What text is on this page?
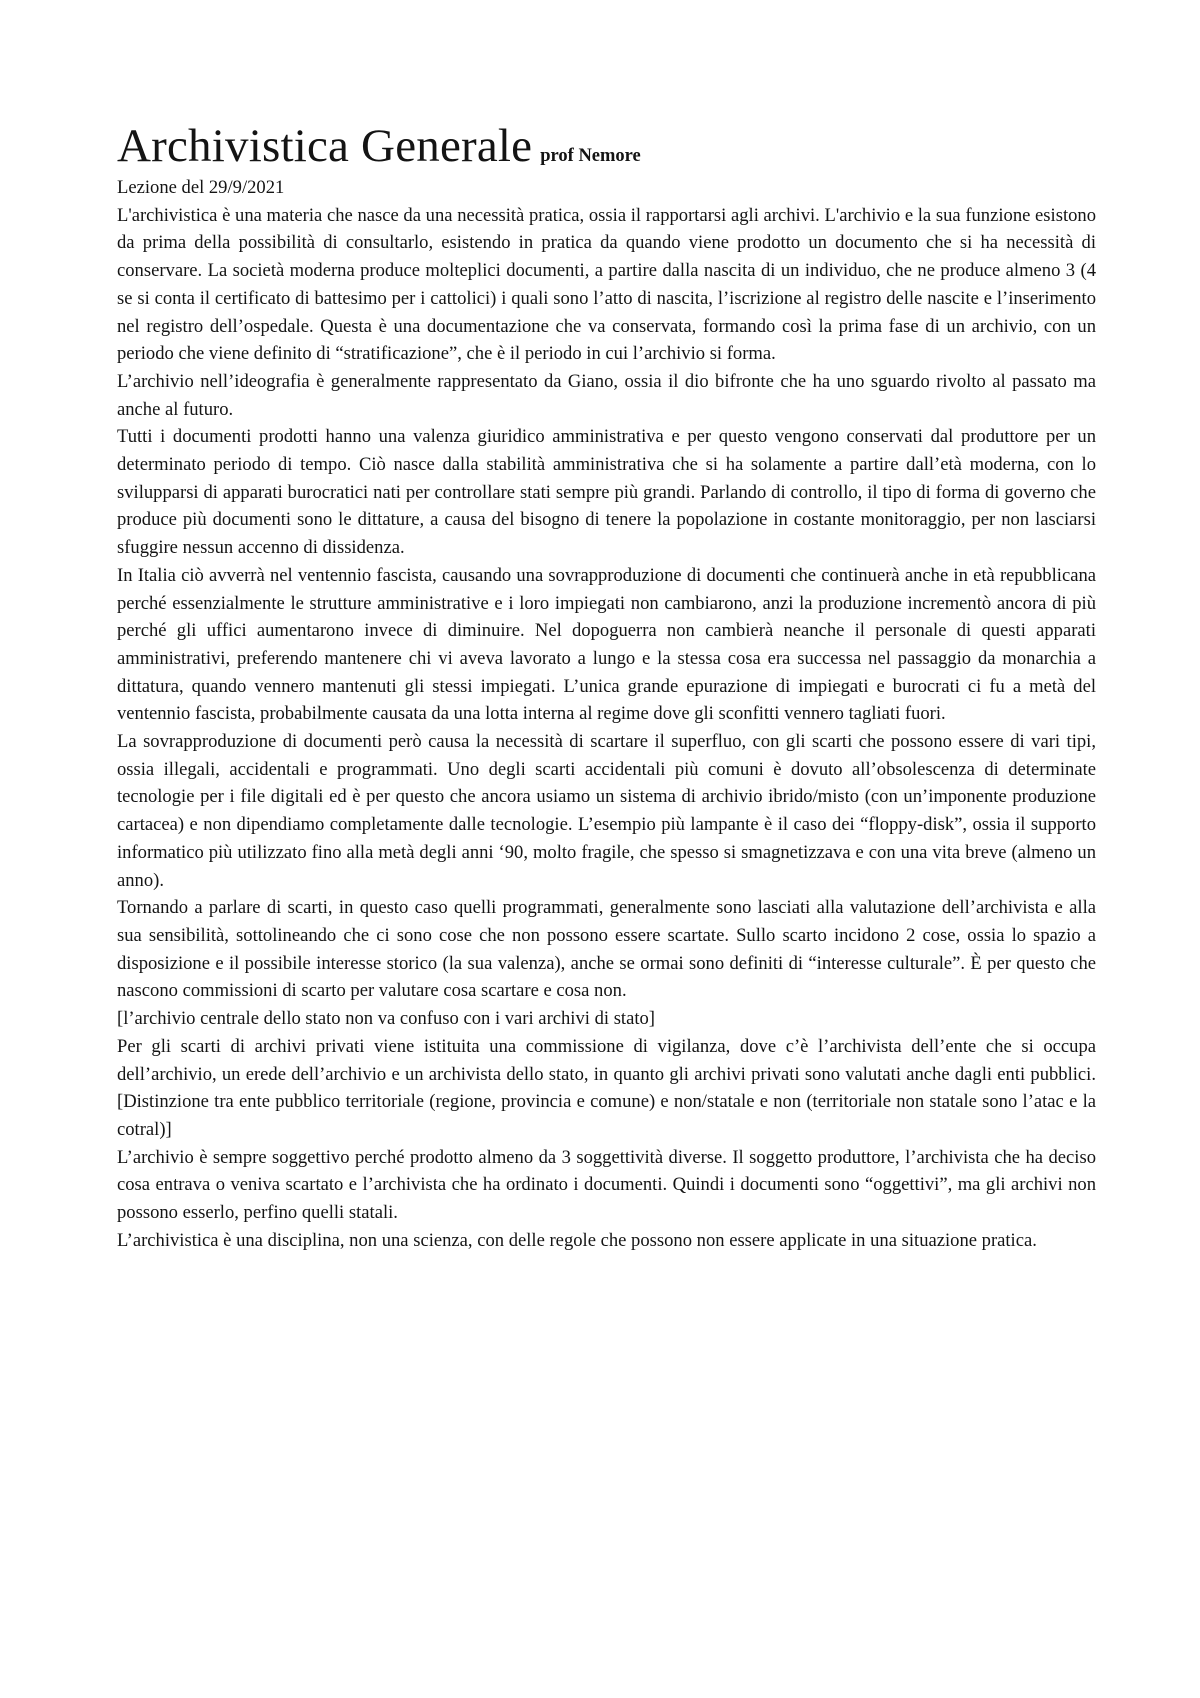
Archivistica Generale prof Nemore

Lezione del 29/9/2021

L'archivistica è una materia che nasce da una necessità pratica, ossia il rapportarsi agli archivi. L'archivio e la sua funzione esistono da prima della possibilità di consultarlo, esistendo in pratica da quando viene prodotto un documento che si ha necessità di conservare. La società moderna produce molteplici documenti, a partire dalla nascita di un individuo, che ne produce almeno 3 (4 se si conta il certificato di battesimo per i cattolici) i quali sono l’atto di nascita, l’iscrizione al registro delle nascite e l’inserimento nel registro dell’ospedale. Questa è una documentazione che va conservata, formando così la prima fase di un archivio, con un periodo che viene definito di “stratificazione”, che è il periodo in cui l’archivio si forma.

L’archivio nell’ideografia è generalmente rappresentato da Giano, ossia il dio bifronte che ha uno sguardo rivolto al passato ma anche al futuro.

Tutti i documenti prodotti hanno una valenza giuridico amministrativa e per questo vengono conservati dal produttore per un determinato periodo di tempo. Ciò nasce dalla stabilità amministrativa che si ha solamente a partire dall’età moderna, con lo svilupparsi di apparati burocratici nati per controllare stati sempre più grandi. Parlando di controllo, il tipo di forma di governo che produce più documenti sono le dittature, a causa del bisogno di tenere la popolazione in costante monitoraggio, per non lasciarsi sfuggire nessun accenno di dissidenza.

In Italia ciò avverrà nel ventennio fascista, causando una sovrapproduzione di documenti che continuerà anche in età repubblicana perché essenzialmente le strutture amministrative e i loro impiegati non cambiarono, anzi la produzione incrementò ancora di più perché gli uffici aumentarono invece di diminuire. Nel dopoguerra non cambierà neanche il personale di questi apparati amministrativi, preferendo mantenere chi vi aveva lavorato a lungo e la stessa cosa era successa nel passaggio da monarchia a dittatura, quando vennero mantenuti gli stessi impiegati. L’unica grande epurazione di impiegati e burocrati ci fu a metà del ventennio fascista, probabilmente causata da una lotta interna al regime dove gli sconfitti vennero tagliati fuori.

La sovrapproduzione di documenti però causa la necessità di scartare il superfluo, con gli scarti che possono essere di vari tipi, ossia illegali, accidentali e programmati. Uno degli scarti accidentali più comuni è dovuto all’obsolescenza di determinate tecnologie per i file digitali ed è per questo che ancora usiamo un sistema di archivio ibrido/misto (con un’imponente produzione cartacea) e non dipendiamo completamente dalle tecnologie. L’esempio più lampante è il caso dei “floppy-disk”, ossia il supporto informatico più utilizzato fino alla metà degli anni ‘90, molto fragile, che spesso si smagnetizzava e con una vita breve (almeno un anno).

Tornando a parlare di scarti, in questo caso quelli programmati, generalmente sono lasciati alla valutazione dell’archivista e alla sua sensibilità, sottolineando che ci sono cose che non possono essere scartate. Sullo scarto incidono 2 cose, ossia lo spazio a disposizione e il possibile interesse storico (la sua valenza), anche se ormai sono definiti di “interesse culturale”. È per questo che nascono commissioni di scarto per valutare cosa scartare e cosa non.

[l’archivio centrale dello stato non va confuso con i vari archivi di stato]

Per gli scarti di archivi privati viene istituita una commissione di vigilanza, dove c’è l’archivista dell’ente che si occupa dell’archivio, un erede dell’archivio e un archivista dello stato, in quanto gli archivi privati sono valutati anche dagli enti pubblici. [Distinzione tra ente pubblico territoriale (regione, provincia e comune) e non/statale e non (territoriale non statale sono l’atac e la cotral)]

L’archivio è sempre soggettivo perché prodotto almeno da 3 soggettività diverse. Il soggetto produttore, l’archivista che ha deciso cosa entrava o veniva scartato e l’archivista che ha ordinato i documenti. Quindi i documenti sono “oggettivi”, ma gli archivi non possono esserlo, perfino quelli statali.

L’archivistica è una disciplina, non una scienza, con delle regole che possono non essere applicate in una situazione pratica.
